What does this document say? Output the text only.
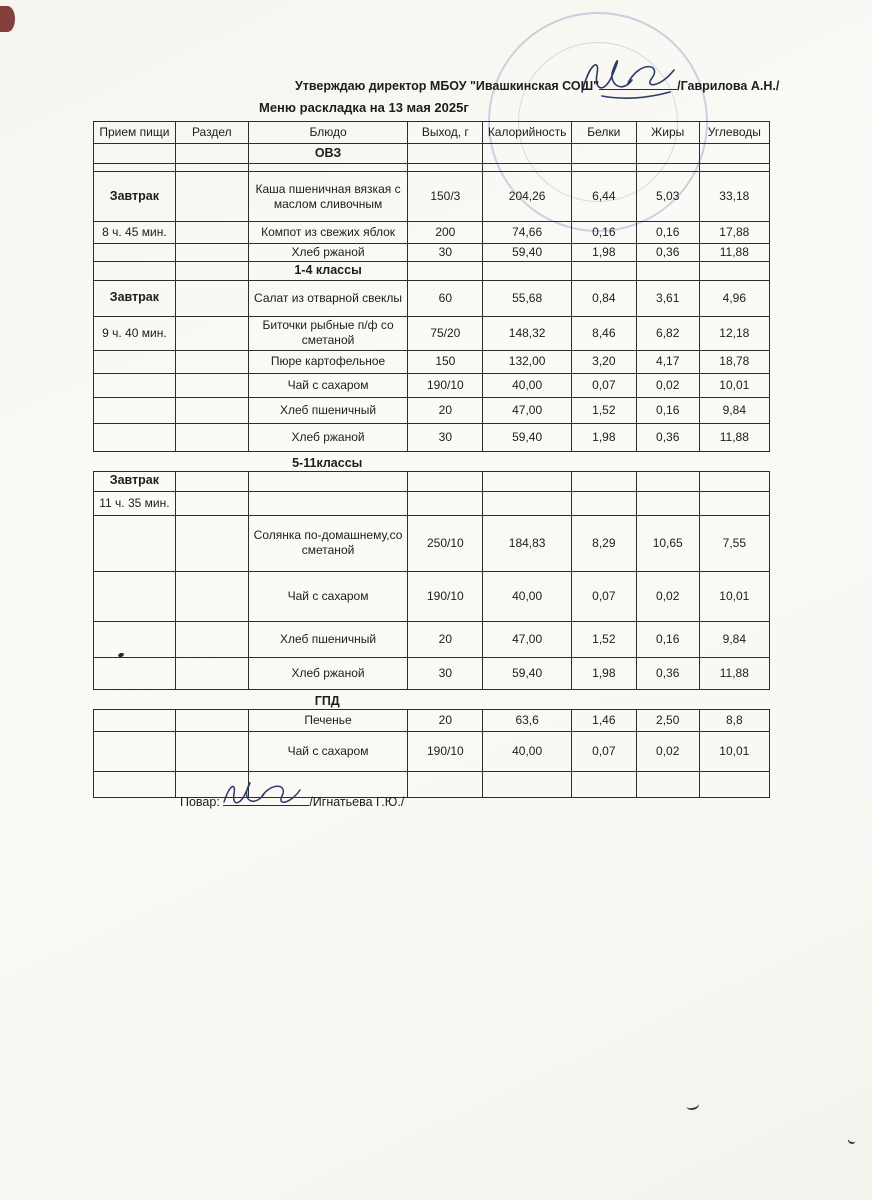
Утверждаю директор МБОУ "Ивашкинская СОШ"	/Гаврилова А.Н./
Меню раскладка на 13 мая 2025г
Прием пищи	Раздел	Блюдо	Выход, г	Калорийность	Белки	Жиры	Углеводы
		ОВЗ					

Завтрак		Каша пшеничная вязкая с маслом сливочным	150/3	204,26	6,44	5,03	33,18
8 ч. 45 мин.		Компот из свежих яблок	200	74,66	0,16	0,16	17,88
		Хлеб ржаной	30	59,40	1,98	0,36	11,88
		1-4 классы					
Завтрак		Салат из отварной свеклы	60	55,68	0,84	3,61	4,96
9 ч. 40 мин.		Биточки рыбные п/ф со сметаной	75/20	148,32	8,46	6,82	12,18
		Пюре картофельное	150	132,00	3,20	4,17	18,78
		Чай с сахаром	190/10	40,00	0,07	0,02	10,01
		Хлеб пшеничный	20	47,00	1,52	0,16	9,84
		Хлеб ржаной	30	59,40	1,98	0,36	11,88
5-11классы
Завтрак							
11 ч. 35 мин.							
		Солянка по-домашнему,со сметаной	250/10	184,83	8,29	10,65	7,55
		Чай с сахаром	190/10	40,00	0,07	0,02	10,01
		Хлеб пшеничный	20	47,00	1,52	0,16	9,84
		Хлеб ржаной	30	59,40	1,98	0,36	11,88
ГПД
		Печенье	20	63,6	1,46	2,50	8,8
		Чай с сахаром	190/10	40,00	0,07	0,02	10,01

Повар:	/Игнатьева Г.Ю./
